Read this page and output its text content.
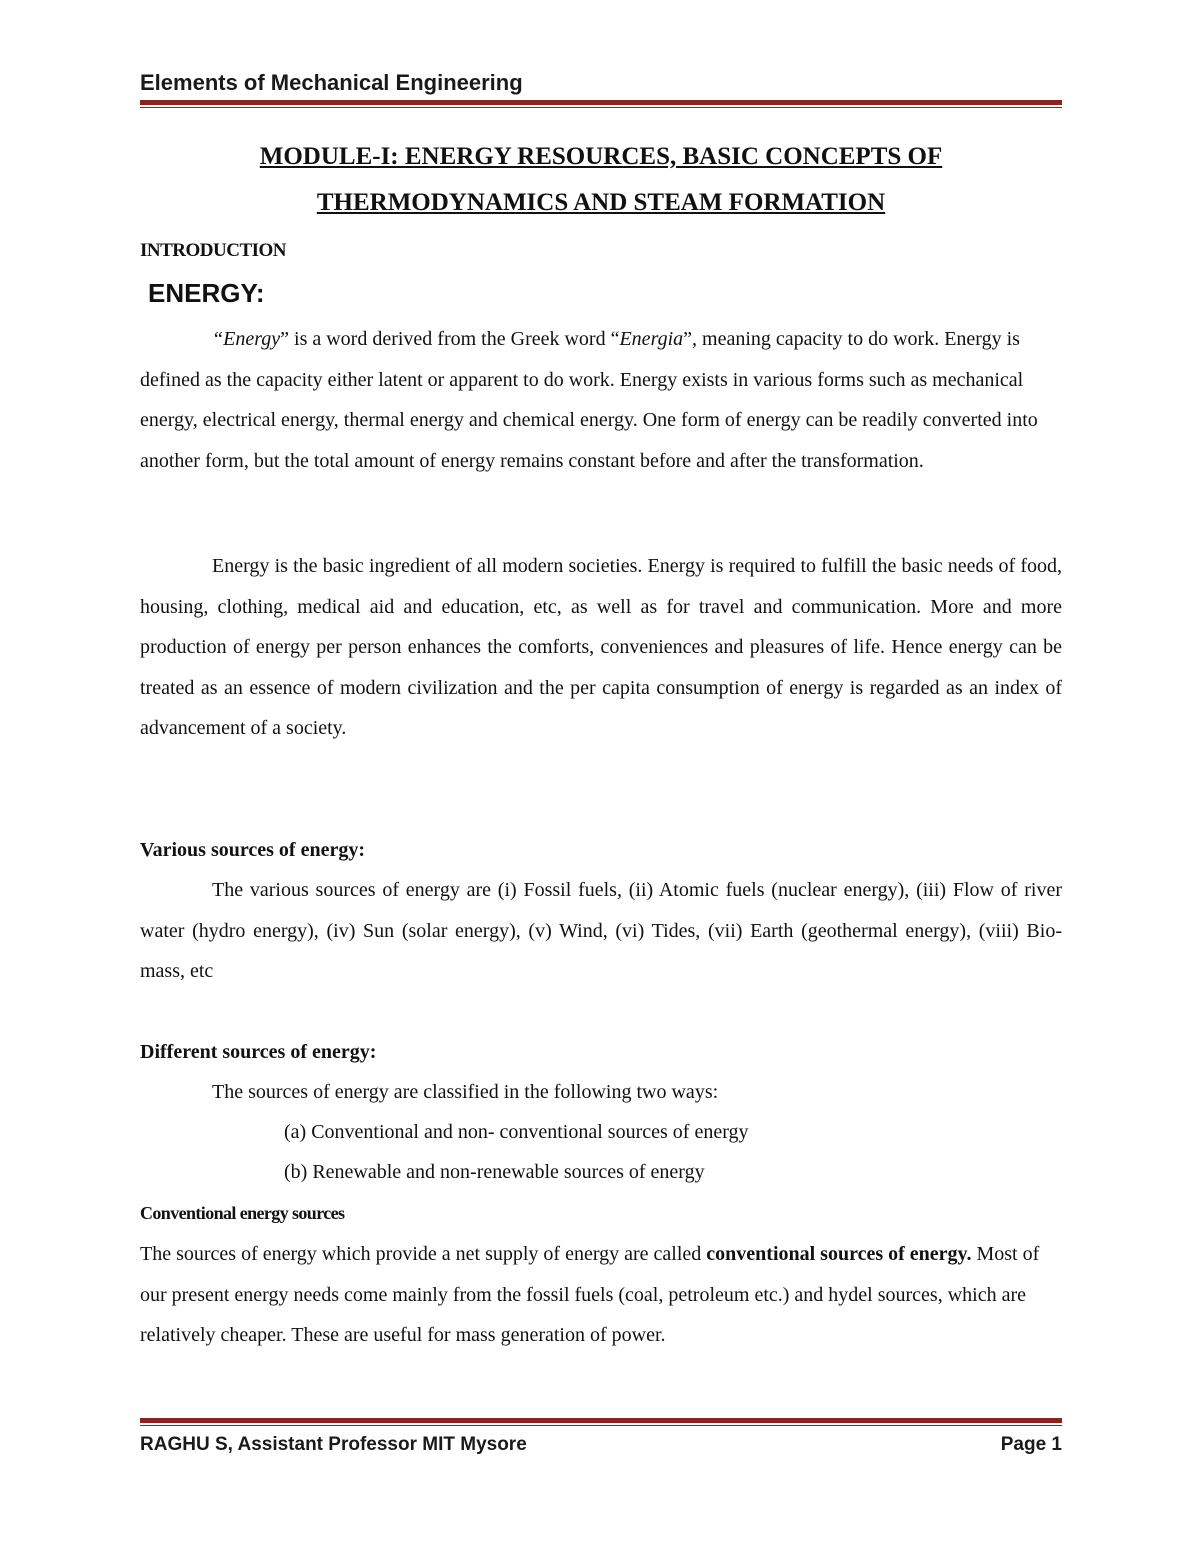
Elements of Mechanical Engineering
MODULE-I: ENERGY RESOURCES, BASIC CONCEPTS OF
THERMODYNAMICS AND STEAM FORMATION
INTRODUCTION
ENERGY:

“Energy” is a word derived from the Greek word “Energia”, meaning capacity to do work. Energy is defined as the capacity either latent or apparent to do work. Energy exists in various forms such as mechanical energy, electrical energy, thermal energy and chemical energy. One form of energy can be readily converted into another form, but the total amount of energy remains constant before and after the transformation.

Energy is the basic ingredient of all modern societies. Energy is required to fulfill the basic needs of food, housing, clothing, medical aid and education, etc, as well as for travel and communication. More and more production of energy per person enhances the comforts, conveniences and pleasures of life. Hence energy can be treated as an essence of modern civilization and the per capita consumption of energy is regarded as an index of advancement of a society.

Various sources of energy:

The various sources of energy are (i) Fossil fuels, (ii) Atomic fuels (nuclear energy), (iii) Flow of river water (hydro energy), (iv) Sun (solar energy), (v) Wind, (vi) Tides, (vii) Earth (geothermal energy), (viii) Bio-mass, etc

Different sources of energy:
The sources of energy are classified in the following two ways:
(a) Conventional and non- conventional sources of energy
(b) Renewable and non-renewable sources of energy
Conventional energy sources

The sources of energy which provide a net supply of energy are called conventional sources of energy. Most of our present energy needs come mainly from the fossil fuels (coal, petroleum etc.) and hydel sources, which are relatively cheaper. These are useful for mass generation of power.

RAGHU S, Assistant Professor MIT Mysore	Page 1
